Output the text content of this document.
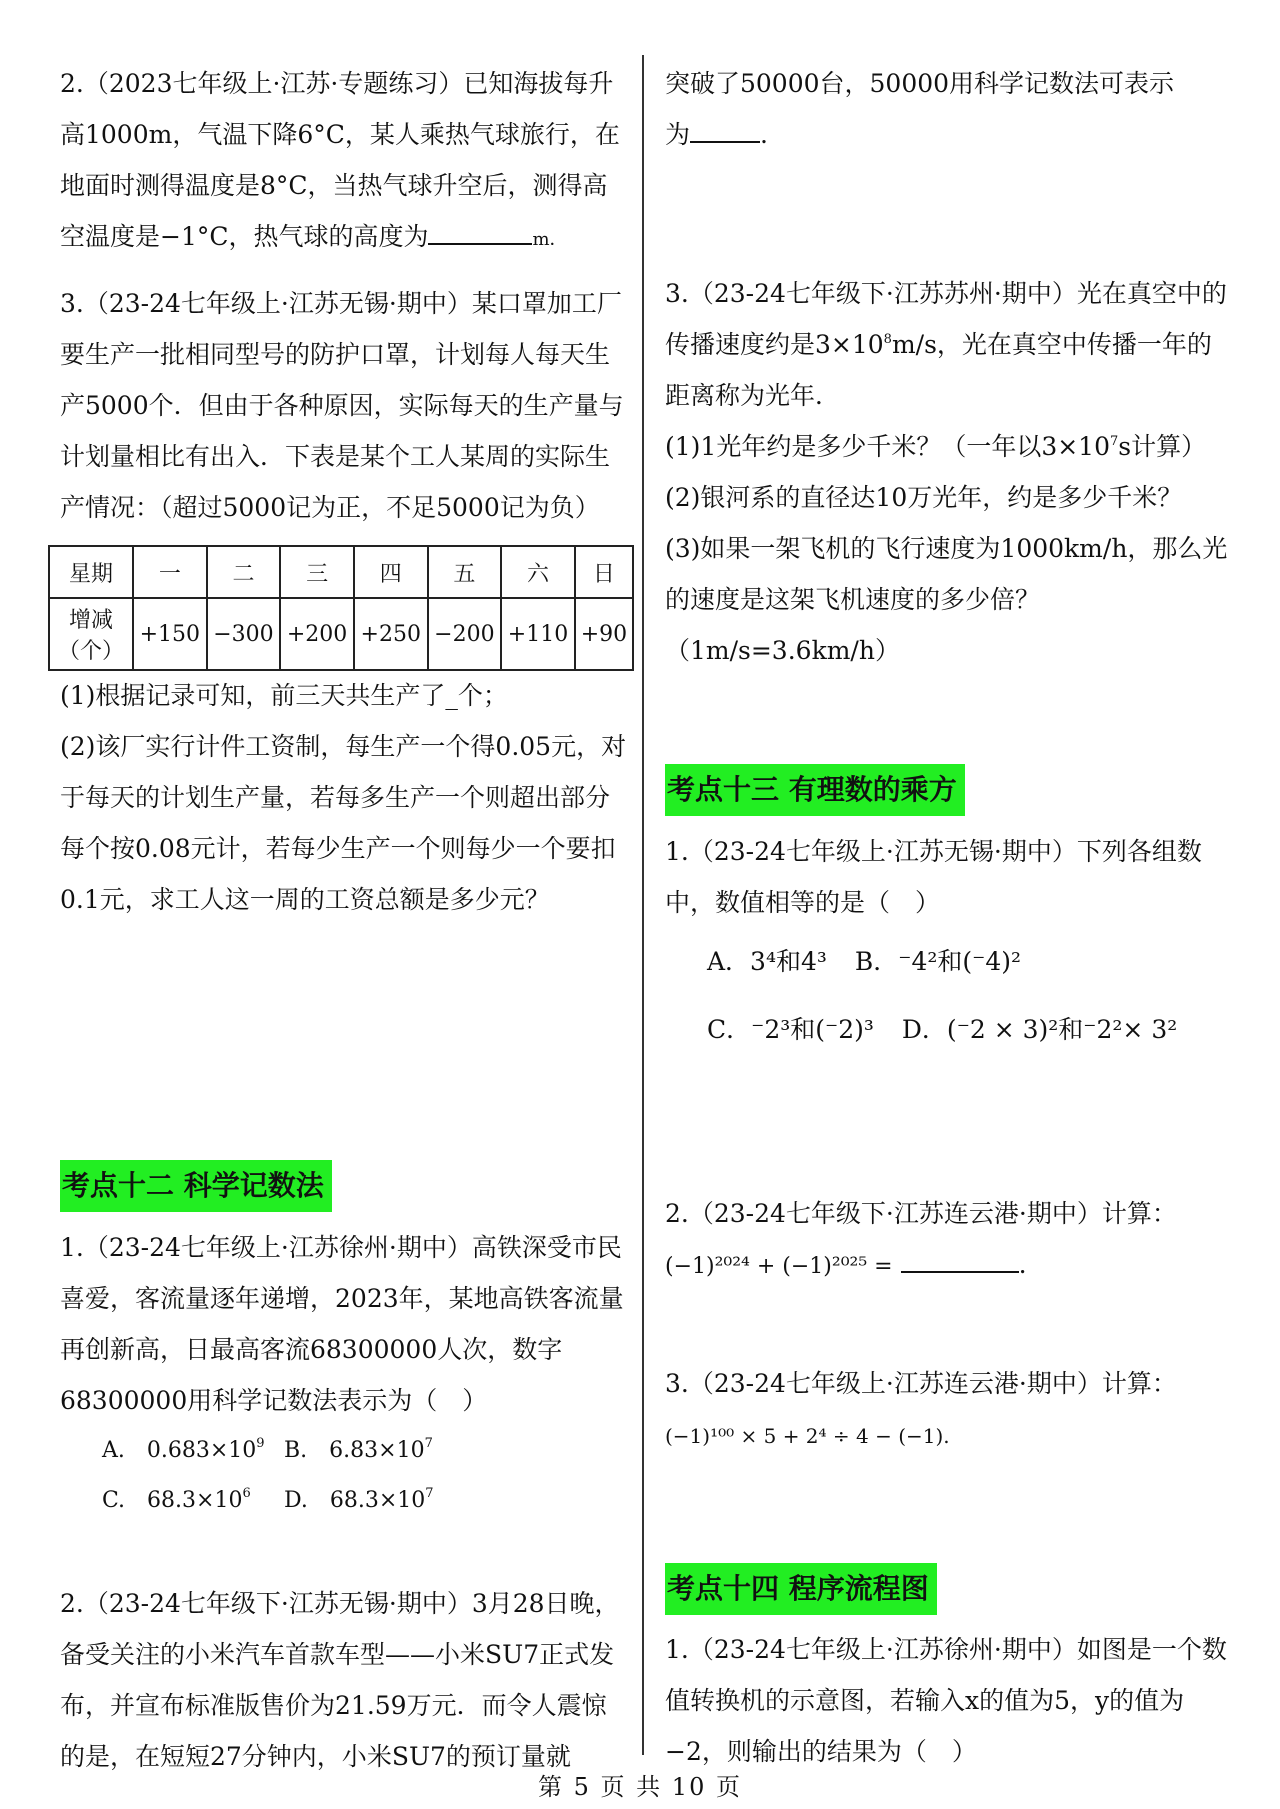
2.（2023七年级上·江苏·专题练习）已知海拔每升高1000m，气温下降6°C，某人乘热气球旅行，在地面时测得温度是8°C，当热气球升空后，测得高空温度是−1°C，热气球的高度为	m．

3.（23-24七年级上·江苏无锡·期中）某口罩加工厂要生产一批相同型号的防护口罩，计划每人每天生产5000个．但由于各种原因，实际每天的生产量与计划量相比有出入．下表是某个工人某周的实际生产情况：（超过5000记为正，不足5000记为负）

星期	一	二	三	四	五	六	日
增减
（个）	+150	−300	+200	+250	−200	+110	+90

(1)根据记录可知，前三天共生产了_个；

(2)该厂实行计件工资制，每生产一个得0.05元，对于每天的计划生产量，若每多生产一个则超出部分每个按0.08元计，若每少生产一个则每少一个要扣0.1元，求工人这一周的工资总额是多少元？

考点十二 科学记数法

1.（23-24七年级上·江苏徐州·期中）高铁深受市民喜爱，客流量逐年递增，2023年，某地高铁客流量再创新高，日最高客流68300000人次，数字68300000用科学记数法表示为（　）

A.　$0.683\times 10^9$ B.　$6.83\times 10^7$
C.　$68.3\times 10^6$ D.　$68.3\times 10^7$

2.（23-24七年级下·江苏无锡·期中）3月28日晚，备受关注的小米汽车首款车型——小米SU7正式发布，并宣布标准版售价为21.59万元．而令人震惊的是，在短短27分钟内，小米SU7的预订量就

突破了50000台，50000用科学记数法可表示

为	.

3.（23-24七年级下·江苏苏州·期中）光在真空中的传播速度约是$3\times 10^8m/s$，光在真空中传播一年的距离称为光年．

(1)1光年约是多少千米？（一年以$3\times 10^7s$计算）

(2)银河系的直径达10万光年，约是多少千米？

(3)如果一架飞机的飞行速度为1000km/h，那么光的速度是这架飞机速度的多少倍？（1m/s=3.6km/h）

考点十三 有理数的乘方

1.（23-24七年级上·江苏无锡·期中）下列各组数中，数值相等的是（　）

A．3⁴和4³ B．⁻4²和(⁻4)²
C．⁻2³和(⁻2)³ D．(⁻2 × 3)²和⁻2²× 3²

2.（23-24七年级下·江苏连云港·期中）计算：

(−1)²⁰²⁴ + (−1)²⁰²⁵ =	.

3.（23-24七年级上·江苏连云港·期中）计算：

(−1)¹⁰⁰ × 5 + 2⁴ ÷ 4 − (−1).

考点十四 程序流程图

1.（23-24七年级上·江苏徐州·期中）如图是一个数值转换机的示意图，若输入x的值为5，y的值为−2，则输出的结果为（　）

第 5 页 共 10 页
